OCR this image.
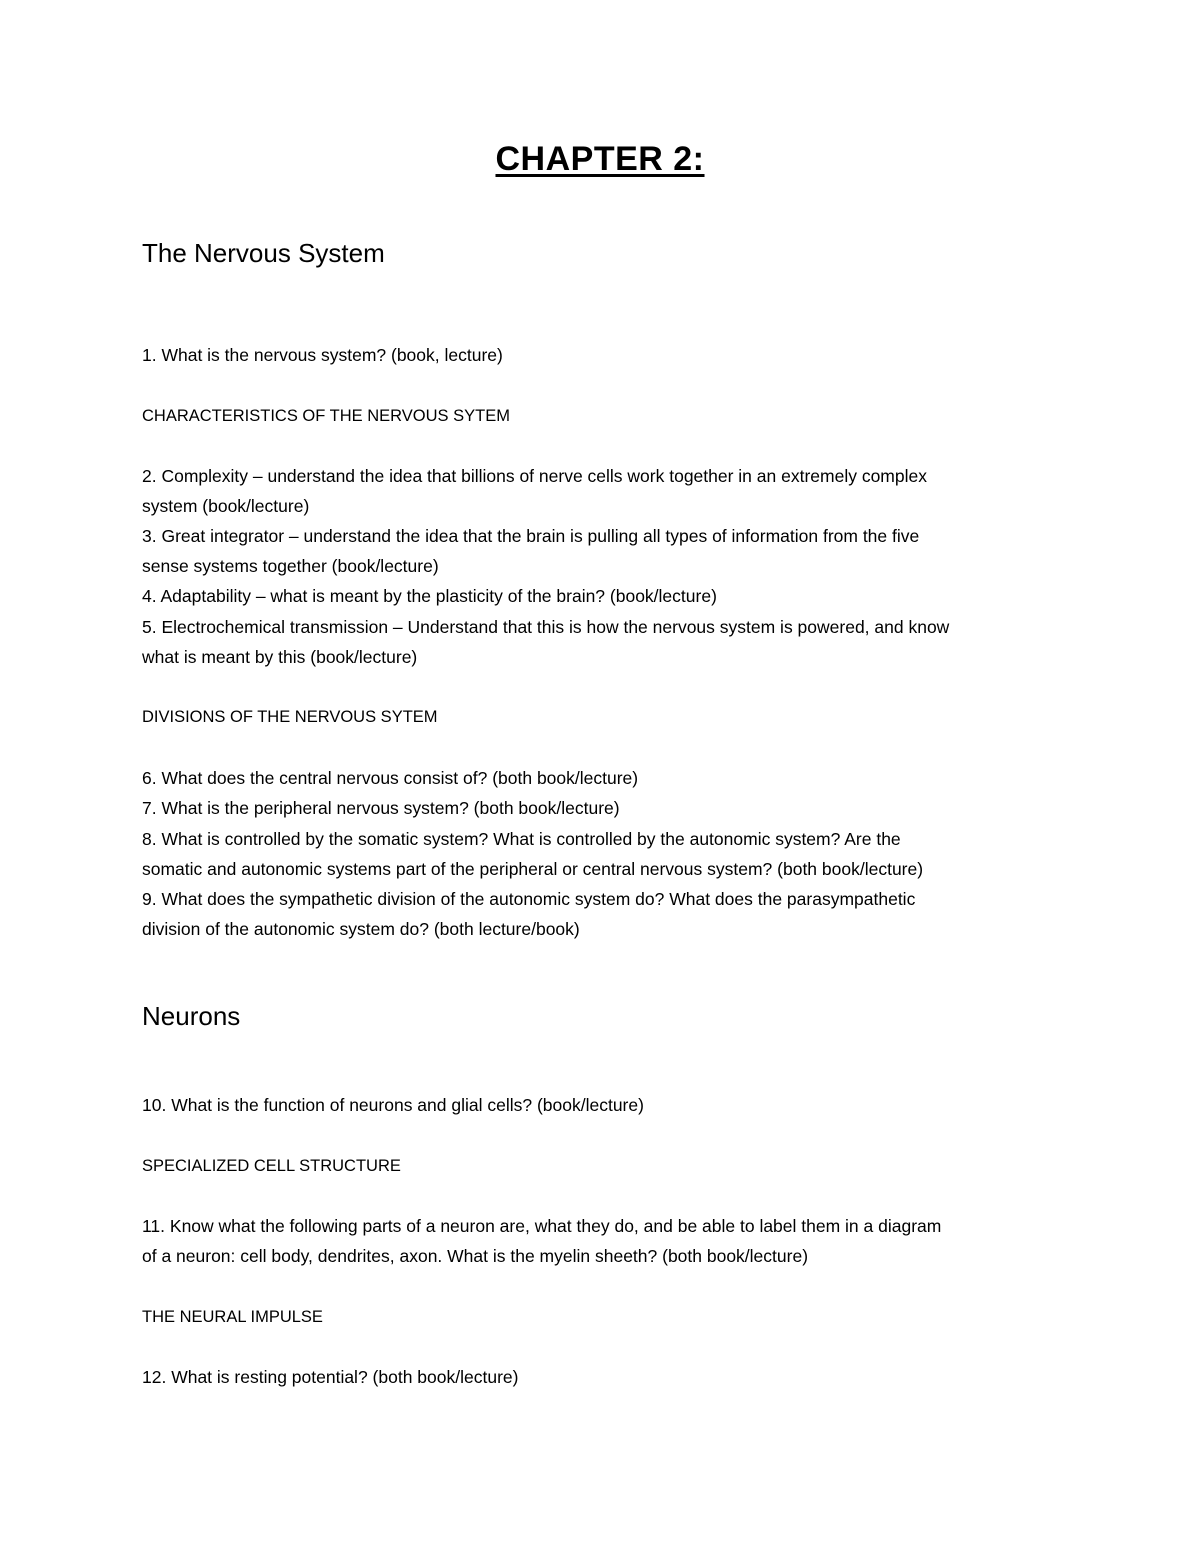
CHAPTER 2:
The Nervous System

1. What is the nervous system? (book, lecture)

CHARACTERISTICS OF THE NERVOUS SYTEM

2. Complexity – understand the idea that billions of nerve cells work together in an extremely complex

system (book/lecture)

3. Great integrator – understand the idea that the brain is pulling all types of information from the five

sense systems together (book/lecture)

4. Adaptability – what is meant by the plasticity of the brain? (book/lecture)

5. Electrochemical transmission – Understand that this is how the nervous system is powered, and know

what is meant by this (book/lecture)

DIVISIONS OF THE NERVOUS SYTEM

6. What does the central nervous consist of? (both book/lecture)

7. What is the peripheral nervous system? (both book/lecture)

8. What is controlled by the somatic system? What is controlled by the autonomic system? Are the

somatic and autonomic systems part of the peripheral or central nervous system? (both book/lecture)

9. What does the sympathetic division of the autonomic system do? What does the parasympathetic

division of the autonomic system do? (both lecture/book)

Neurons

10. What is the function of neurons and glial cells? (book/lecture)

SPECIALIZED CELL STRUCTURE

11. Know what the following parts of a neuron are, what they do, and be able to label them in a diagram

of a neuron: cell body, dendrites, axon. What is the myelin sheeth? (both book/lecture)

THE NEURAL IMPULSE

12. What is resting potential? (both book/lecture)
